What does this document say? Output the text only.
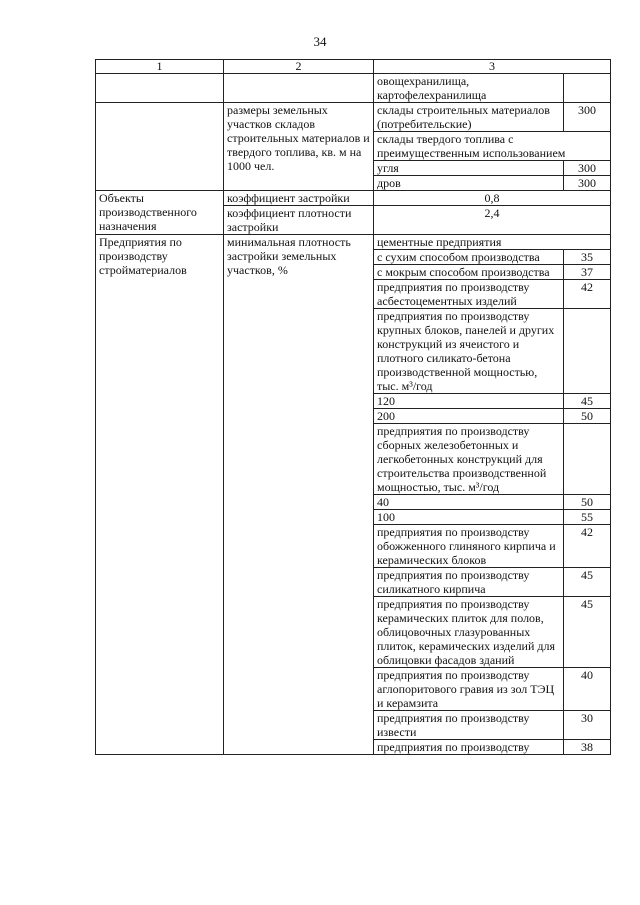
34
1	2	3	
		овощехранилища, картофелехранилища	
	размеры земельных участков складов строительных материалов и твердого топлива, кв. м на 1000 чел.	склады строительных материалов (потребительские)	300
		склады твердого топлива с преимущественным использованием	
		угля	300
		дров	300
Объекты производственного назначения	коэффициент застройки	0,8	
	коэффициент плотности застройки	2,4	
Предприятия по производству стройматериалов	минимальная плотность застройки земельных участков, %	цементные предприятия	
		с сухим способом производства	35
		с мокрым способом производства	37
		предприятия по производству асбестоцементных изделий	42
		предприятия по производству крупных блоков, панелей и других конструкций из ячеистого и плотного силикато-бетона производственной мощностью, тыс. м³/год	
		120	45
		200	50
		предприятия по производству сборных железобетонных и легкобетонных конструкций для строительства производственной мощностью, тыс. м³/год	
		40	50
		100	55
		предприятия по производству обожженного глиняного кирпича и керамических блоков	42
		предприятия по производству силикатного кирпича	45
		предприятия по производству керамических плиток для полов, облицовочных глазурованных плиток, керамических изделий для облицовки фасадов зданий	45
		предприятия по производству аглопоритового гравия из зол ТЭЦ и керамзита	40
		предприятия по производству извести	30
		предприятия по производству	38
